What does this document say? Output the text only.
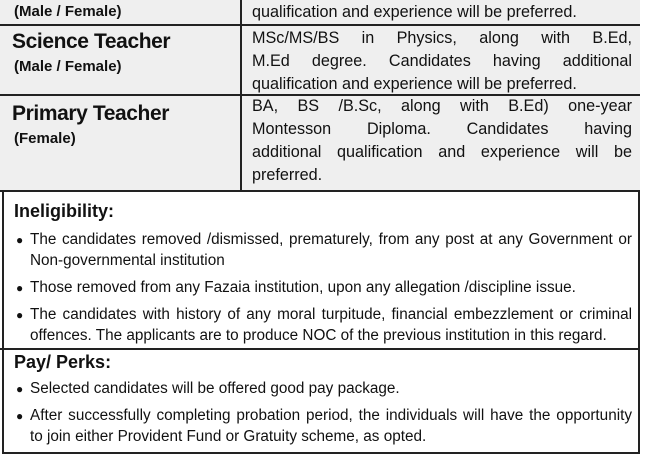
(Male / Female)	qualification and experience will be preferred.
Science Teacher
(Male / Female)
MSc/MS/BS in Physics, along with B.Ed,
M.Ed degree. Candidates having additional
qualification and experience will be preferred.
Primary Teacher
(Female)
BA, BS /B.Sc, along with B.Ed) one-year
Montesson Diploma. Candidates having
additional qualification and experience will be
preferred.
Ineligibility:
● The candidates removed /dismissed, prematurely, from any post at any Government or
Non-governmental institution
● Those removed from any Fazaia institution, upon any allegation /discipline issue.
● The candidates with history of any moral turpitude, financial embezzlement or criminal
offences. The applicants are to produce NOC of the previous institution in this regard.
Pay/ Perks:
● Selected candidates will be offered good pay package.
● After successfully completing probation period, the individuals will have the opportunity
to join either Provident Fund or Gratuity scheme, as opted.
